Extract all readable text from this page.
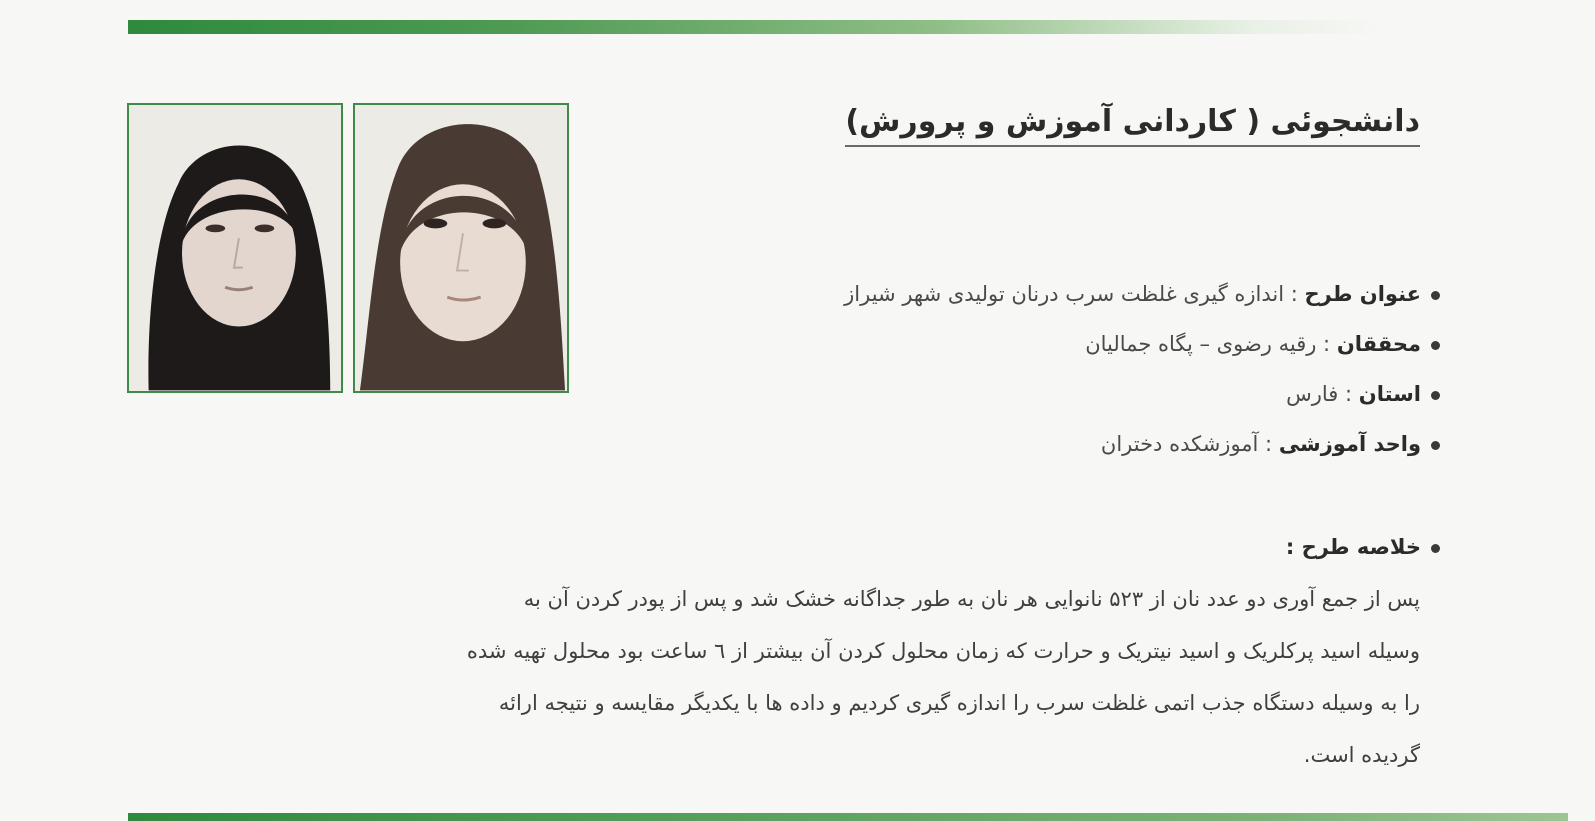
دانشجوئی ( کاردانی آموزش و پرورش)
عنوان طرح : اندازه گیری غلظت سرب درنان تولیدی شهر شیراز
محققان : رقیه رضوی – پگاه جمالیان
استان : فارس
واحد آموزشی : آموزشکده دختران
خلاصه طرح :
پس از جمع آوری دو عدد نان از ۵۲۳ نانوایی هر نان به طور جداگانه خشک شد و پس از پودر کردن آن به
وسیله اسید پرکلریک و اسید نیتریک و حرارت که زمان محلول کردن آن بیشتر از ٦ ساعت بود محلول تهیه شده
را به وسیله دستگاه جذب اتمی غلظت سرب را اندازه گیری کردیم و داده ها با یکدیگر مقایسه و نتیجه ارائه
گردیده است.
